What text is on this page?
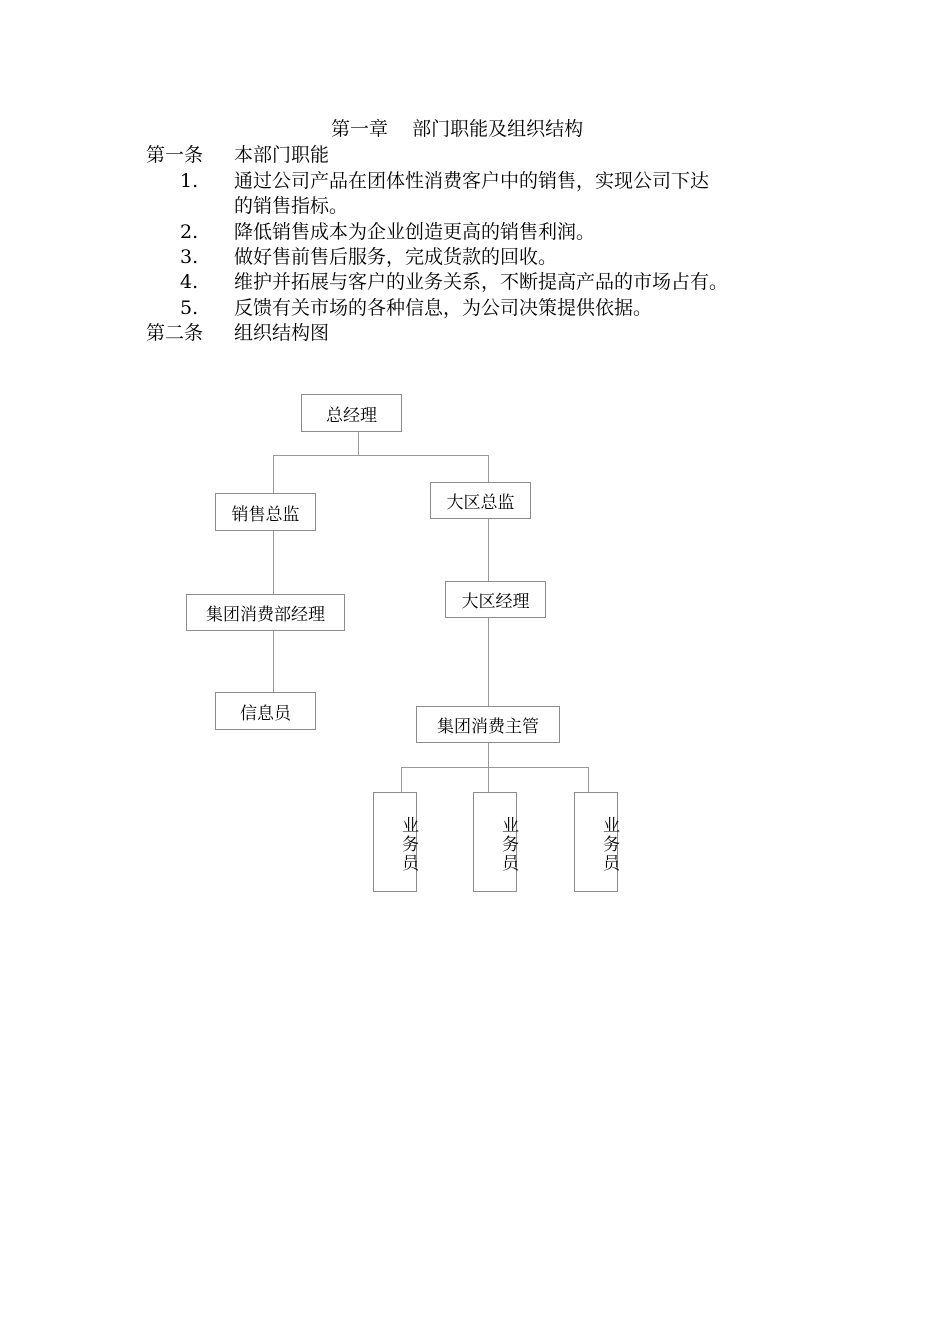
第一章    部门职能及组织结构
第一条 本部门职能
1. 通过公司产品在团体性消费客户中的销售，实现公司下达
的销售指标。
2. 降低销售成本为企业创造更高的销售利润。
3. 做好售前售后服务，完成货款的回收。
4. 维护并拓展与客户的业务关系，不断提高产品的市场占有。
5. 反馈有关市场的各种信息，为公司决策提供依据。
第二条 组织结构图
总经理
销售总监
大区总监
集团消费部经理
大区经理
信息员
集团消费主管
业务员	业务员	业务员
